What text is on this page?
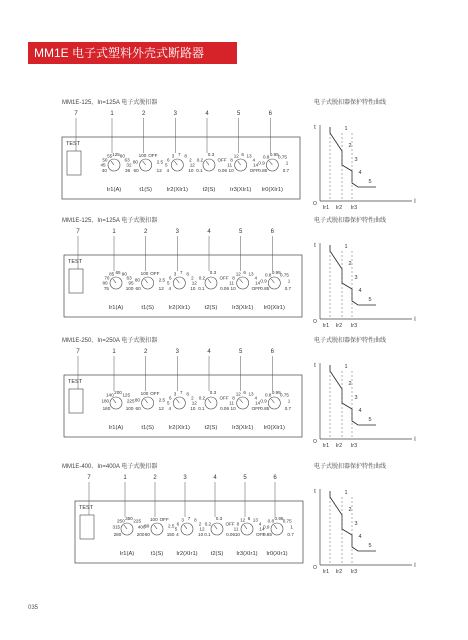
MM1E 电子式塑料外壳式断路器
MM1E-125、In=125A 电子式脱扣器	电子式脱扣器保护特性曲线
7	1	2	3	4	5	6
TEST
40
45
50
55 125 60
63
32
36
Ir1(A)
60
80
100 OFF
2.5
12
t1(S)
4
5
6
3 7 8
2
12
10
Ir2(XIr1)
0.1
0.2
0.3
OFF
0.06
t2(S)
10
11
8
12 6 13
4
14
OFF
Ir3(XIr1)
0.85
0.9
0.8 0.95 0.75
1
0.7
Ir0(XIr1)
t
I
O
1
2
3
4
5
Ir1 Ir2 Ir3
MM1E-125、In=125A 电子式脱扣器	电子式脱扣器保护特性曲线
7	1	2	3	4	5	6
TEST
75
80
70
85 65 90
63
95
100
Ir1(A)
60
80
100 OFF
2.5
12
t1(S)
4
5
6
3 7 8
2
12
10
Ir2(XIr1)
0.1
0.2
0.3
OFF
0.06
t2(S)
10
11
8
12 6 13
4
14
OFF
Ir3(XIr1)
0.85
0.9
0.8 0.95 0.75
1
0.7
Ir0(XIr1)
t
I
O
1
2
3
4
5
Ir1 Ir2 Ir3
MM1E-250、In=250A 电子式脱扣器	电子式脱扣器保护特性曲线
7	1	2	3	4	5	6
TEST
160
180
140 200 125
225
100
Ir1(A)
60
80
100 OFF
2.5
12
t1(S)
4
5
6
3 7 8
2
12
10
Ir2(XIr1)
0.1
0.2
0.3
OFF
0.06
t2(S)
10
11
8
12 6 13
4
14
OFF
Ir3(XIr1)
0.85
0.9
0.8 0.95 0.75
1
0.7
Ir0(XIr1)
t
I
O
1
2
3
4
5
Ir1 Ir2 Ir3
MM1E-400、In=400A 电子式脱扣器	电子式脱扣器保护特性曲线
7	1	2	3	4	5	6
TEST
280
315
250 350 225
400
200
Ir1(A)
60
80
100 OFF
2.5
150
t1(S)
4
5
6
3 7 8
2
12
10
Ir2(XIr1)
0.1
0.2
0.3
OFF
0.06
t2(S)
10
11
8
12 6 13
4
14
OFF
Ir3(XIr1)
0.85
0.9
0.8 0.95 0.75
1
0.7
Ir0(XIr1)
t
I
O
1
2
3
4
5
Ir1 Ir2 Ir3
035
